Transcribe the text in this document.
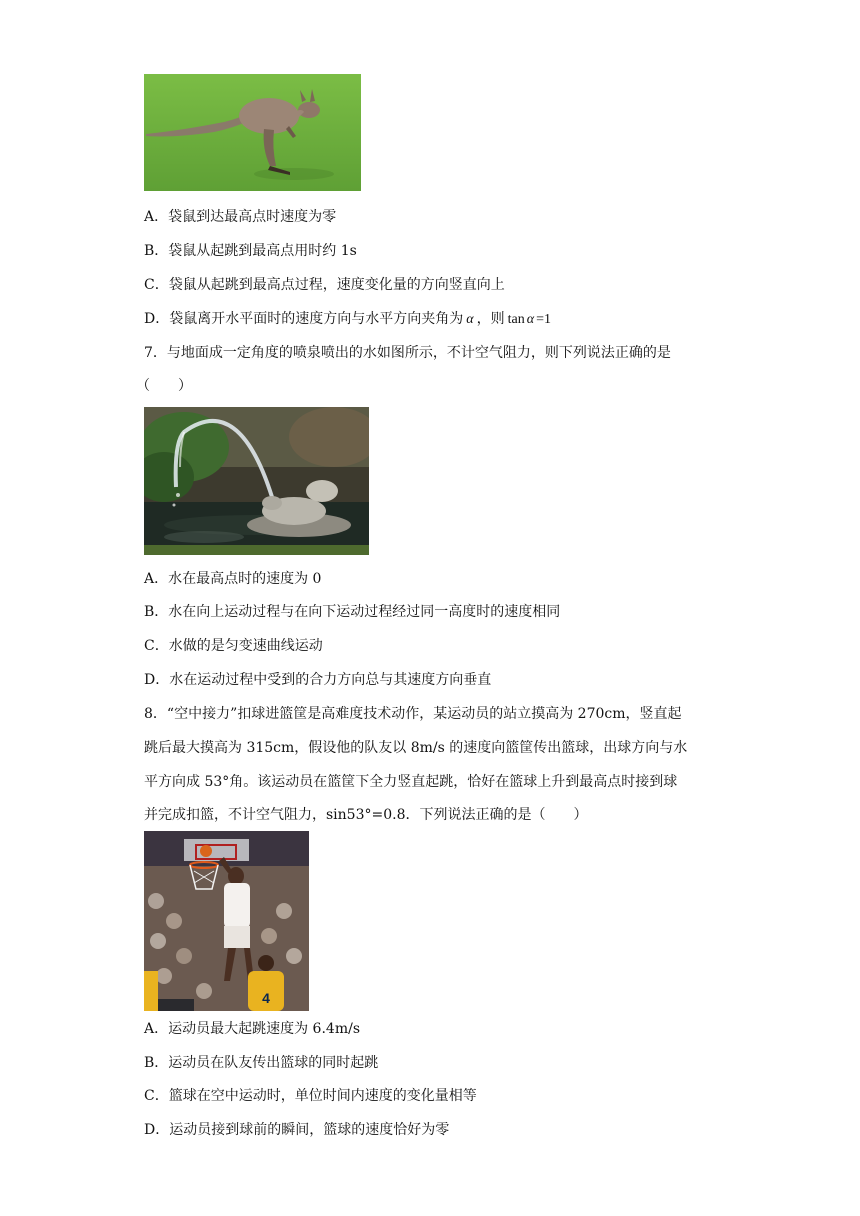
A．袋鼠到达最高点时速度为零
B．袋鼠从起跳到最高点用时约 1s
C．袋鼠从起跳到最高点过程，速度变化量的方向竖直向上
D．袋鼠离开水平面时的速度方向与水平方向夹角为 α ，则 tan α =1
7．与地面成一定角度的喷泉喷出的水如图所示，不计空气阻力，则下列说法正确的是
（　　）
A．水在最高点时的速度为 0
B．水在向上运动过程与在向下运动过程经过同一高度时的速度相同
C．水做的是匀变速曲线运动
D．水在运动过程中受到的合力方向总与其速度方向垂直
8．“空中接力”扣球进篮筐是高难度技术动作，某运动员的站立摸高为 270cm，竖直起
跳后最大摸高为 315cm，假设他的队友以 8m/s 的速度向篮筐传出篮球，出球方向与水
平方向成 53°角。该运动员在篮筐下全力竖直起跳，恰好在篮球上升到最高点时接到球
并完成扣篮，不计空气阻力，sin53°=0.8．下列说法正确的是（　　）
4
A．运动员最大起跳速度为 6.4m/s
B．运动员在队友传出篮球的同时起跳
C．篮球在空中运动时，单位时间内速度的变化量相等
D．运动员接到球前的瞬间，篮球的速度恰好为零
